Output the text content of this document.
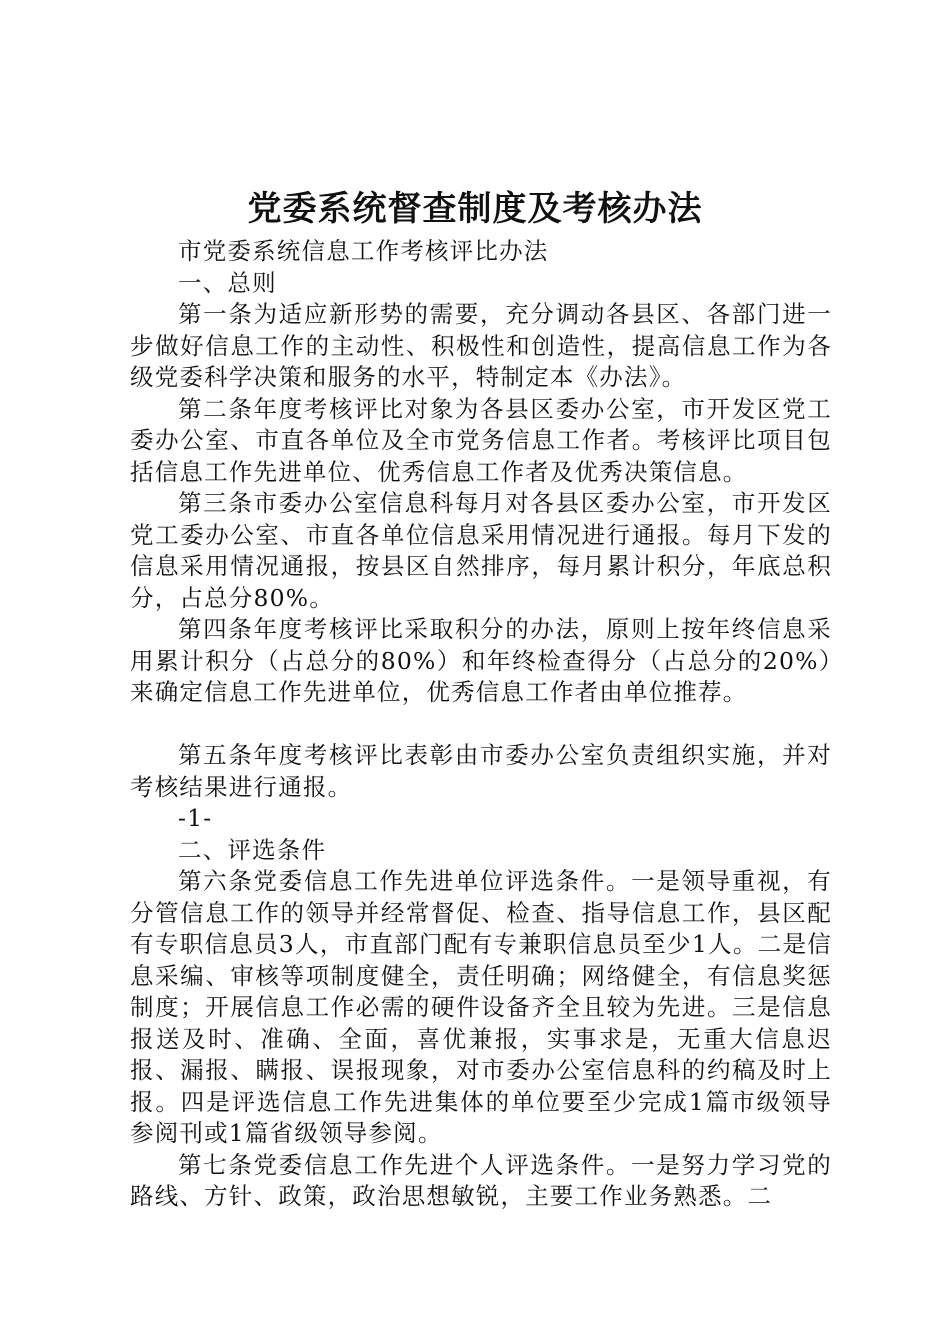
党委系统督查制度及考核办法

市党委系统信息工作考核评比办法

一、总则

第一条为适应新形势的需要，充分调动各县区、各部门进一步做好信息工作的主动性、积极性和创造性，提高信息工作为各级党委科学决策和服务的水平，特制定本《办法》。

第二条年度考核评比对象为各县区委办公室，市开发区党工委办公室、市直各单位及全市党务信息工作者。考核评比项目包括信息工作先进单位、优秀信息工作者及优秀决策信息。

第三条市委办公室信息科每月对各县区委办公室，市开发区党工委办公室、市直各单位信息采用情况进行通报。每月下发的信息采用情况通报，按县区自然排序，每月累计积分，年底总积分，占总分80%。

第四条年度考核评比采取积分的办法，原则上按年终信息采用累计积分（占总分的80%）和年终检查得分（占总分的20%）来确定信息工作先进单位，优秀信息工作者由单位推荐。

第五条年度考核评比表彰由市委办公室负责组织实施，并对考核结果进行通报。

-1-

二、评选条件

第六条党委信息工作先进单位评选条件。一是领导重视，有分管信息工作的领导并经常督促、检查、指导信息工作，县区配有专职信息员3人，市直部门配有专兼职信息员至少1人。二是信息采编、审核等项制度健全，责任明确；网络健全，有信息奖惩制度；开展信息工作必需的硬件设备齐全且较为先进。三是信息报送及时、准确、全面，喜优兼报，实事求是，无重大信息迟报、漏报、瞒报、误报现象，对市委办公室信息科的约稿及时上报。四是评选信息工作先进集体的单位要至少完成1篇市级领导参阅刊或1篇省级领导参阅。

第七条党委信息工作先进个人评选条件。一是努力学习党的路线、方针、政策，政治思想敏锐，主要工作业务熟悉。二
